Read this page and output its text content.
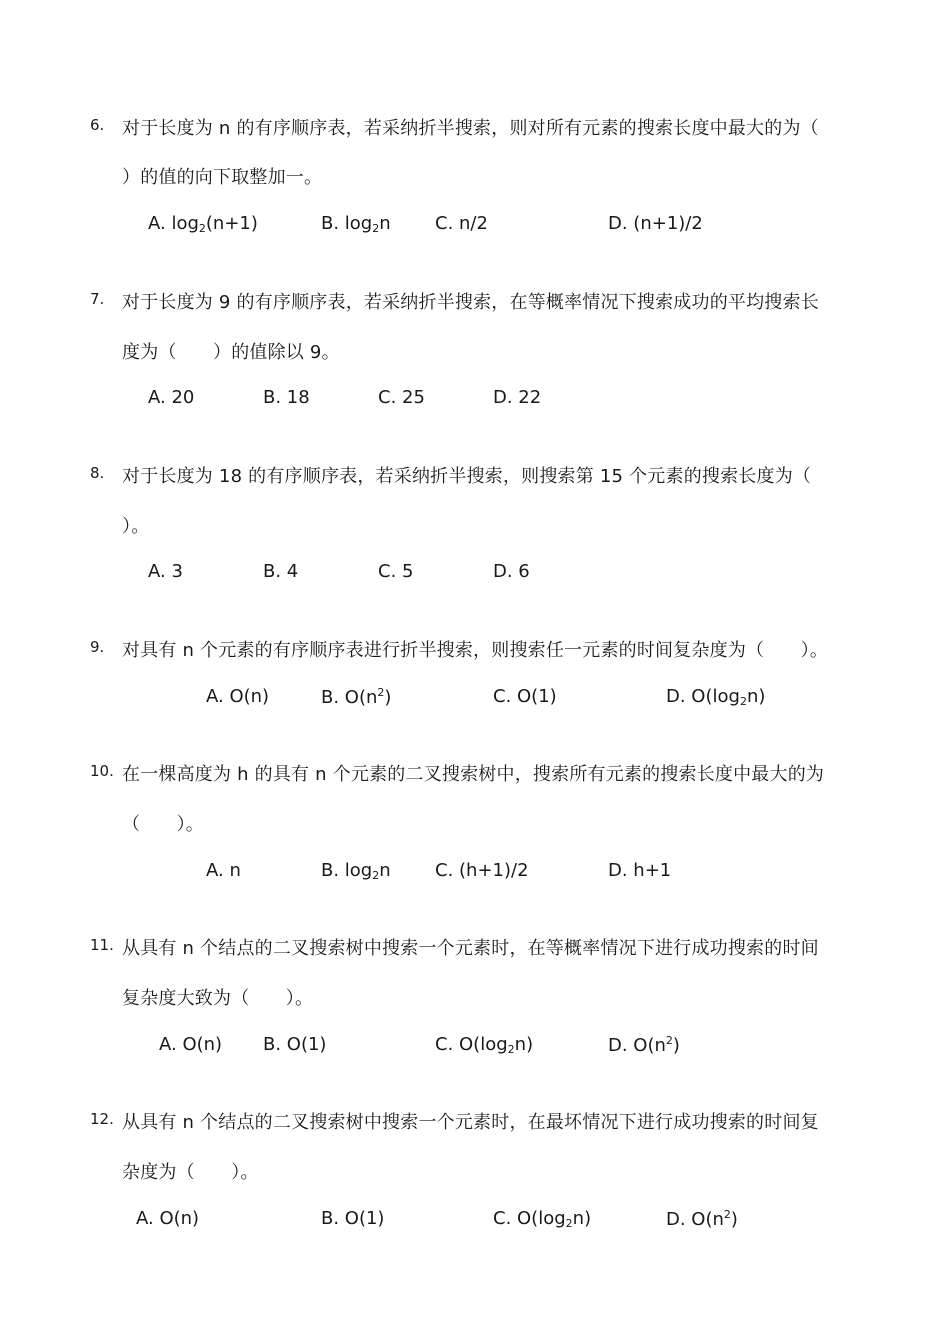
6. 对于长度为 n 的有序顺序表，若采纳折半搜索，则对所有元素的搜索长度中最大的为（
）的值的向下取整加一。
A. $\log_2(n+1)$	B. $\log_2n$ C. n/2	D. (n+1)/2
7. 对于长度为 9 的有序顺序表，若采纳折半搜索，在等概率情况下搜索成功的平均搜索长
度为（　　）的值除以 9。
A. 20	B. 18	C. 25	D. 22
8. 对于长度为 18 的有序顺序表，若采纳折半搜索，则搜索第 15 个元素的搜索长度为（
）。
A. 3	B. 4	C. 5	D. 6
9. 对具有 n 个元素的有序顺序表进行折半搜索，则搜索任一元素的时间复杂度为（　　）。
A. O(n)	B. $O(n^2)$	C. O(1)	D. $O(\log_2n)$
10. 在一棵高度为 h 的具有 n 个元素的二叉搜索树中，搜索所有元素的搜索长度中最大的为
（　　）。
A. n	B. $\log_2n$ C. (h+1)/2	D. h+1
11. 从具有 n 个结点的二叉搜索树中搜索一个元素时，在等概率情况下进行成功搜索的时间
复杂度大致为（　　）。
A. O(n) B. O(1)	C. $O(\log_2n)$	D. $O(n^2)$
12. 从具有 n 个结点的二叉搜索树中搜索一个元素时，在最坏情况下进行成功搜索的时间复
杂度为（　　）。
A. O(n)	B. O(1)	C. $O(\log_2n)$	D. $O(n^2)$
